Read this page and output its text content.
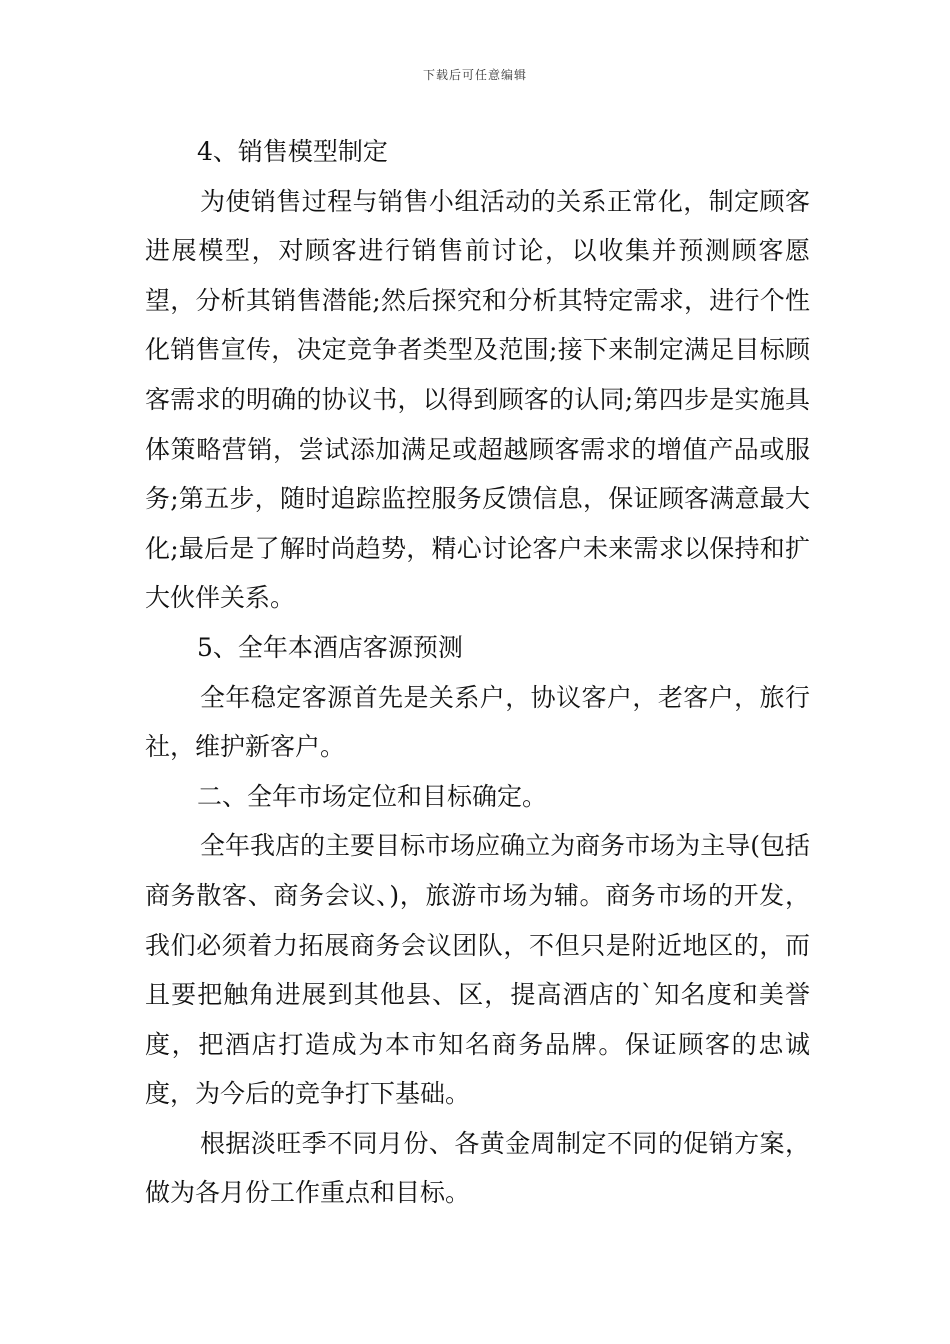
下载后可任意编辑

4、销售模型制定

为使销售过程与销售小组活动的关系正常化，制定顾客进展模型，对顾客进行销售前讨论，以收集并预测顾客愿望，分析其销售潜能;然后探究和分析其特定需求，进行个性化销售宣传，决定竞争者类型及范围;接下来制定满足目标顾客需求的明确的协议书，以得到顾客的认同;第四步是实施具体策略营销，尝试添加满足或超越顾客需求的增值产品或服务;第五步，随时追踪监控服务反馈信息，保证顾客满意最大化;最后是了解时尚趋势，精心讨论客户未来需求以保持和扩大伙伴关系。

5、全年本酒店客源预测

全年稳定客源首先是关系户，协议客户，老客户，旅行社，维护新客户。

二、全年市场定位和目标确定。

全年我店的主要目标市场应确立为商务市场为主导(包括商务散客、商务会议、)，旅游市场为辅。商务市场的开发，我们必须着力拓展商务会议团队，不但只是附近地区的，而且要把触角进展到其他县、区，提高酒店的`知名度和美誉度，把酒店打造成为本市知名商务品牌。保证顾客的忠诚度，为今后的竞争打下基础。

根据淡旺季不同月份、各黄金周制定不同的促销方案，做为各月份工作重点和目标。
